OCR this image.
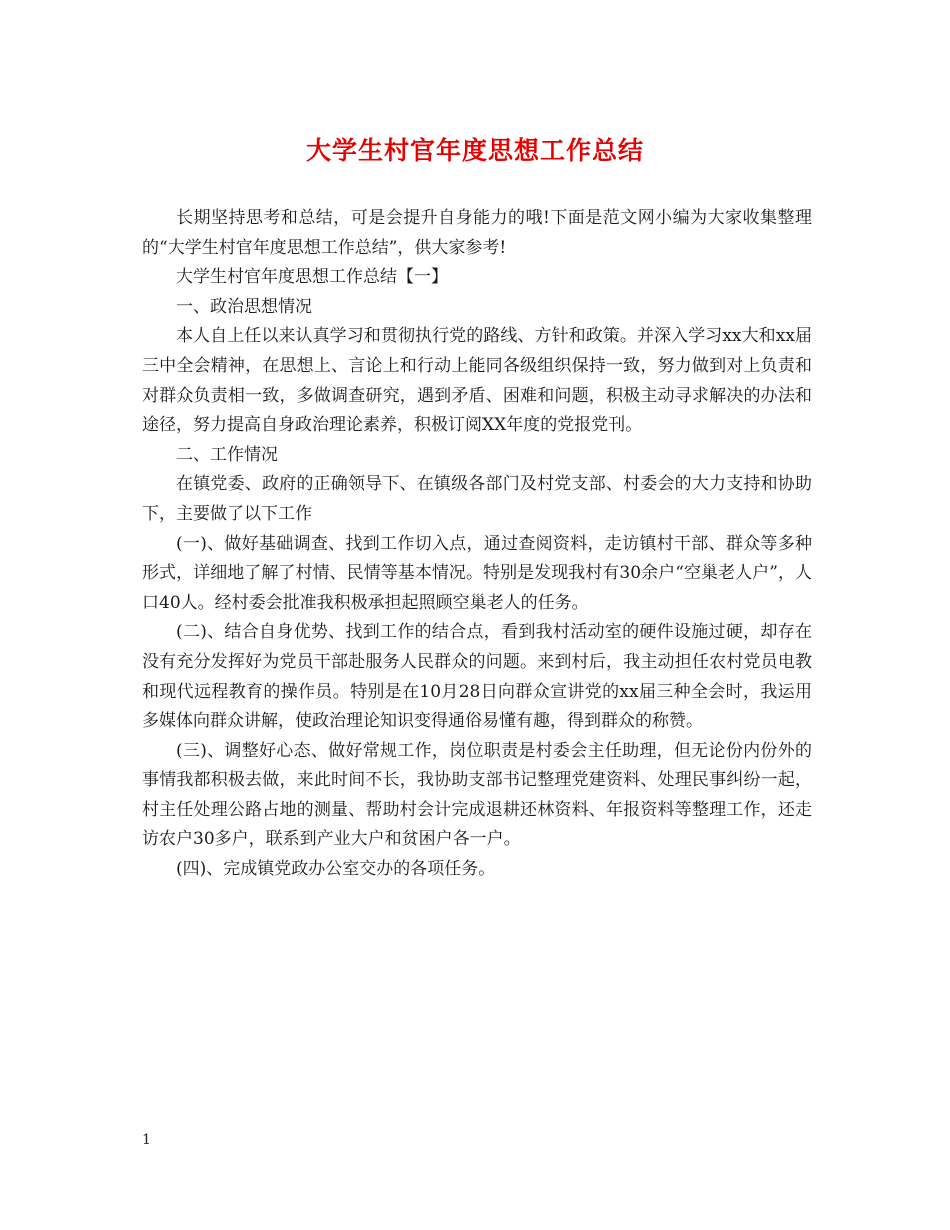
大学生村官年度思想工作总结

长期坚持思考和总结，可是会提升自身能力的哦!下面是范文网小编为大家收集整理的“大学生村官年度思想工作总结”，供大家参考!

大学生村官年度思想工作总结【一】

一、政治思想情况

本人自上任以来认真学习和贯彻执行党的路线、方针和政策。并深入学习xx大和xx届三中全会精神，在思想上、言论上和行动上能同各级组织保持一致，努力做到对上负责和对群众负责相一致，多做调查研究，遇到矛盾、困难和问题，积极主动寻求解决的办法和途径，努力提高自身政治理论素养，积极订阅XX年度的党报党刊。

二、工作情况

在镇党委、政府的正确领导下、在镇级各部门及村党支部、村委会的大力支持和协助下，主要做了以下工作

(一)、做好基础调查、找到工作切入点，通过查阅资料，走访镇村干部、群众等多种形式，详细地了解了村情、民情等基本情况。特别是发现我村有30余户“空巢老人户”，人口40人。经村委会批准我积极承担起照顾空巢老人的任务。

(二)、结合自身优势、找到工作的结合点，看到我村活动室的硬件设施过硬，却存在没有充分发挥好为党员干部赴服务人民群众的问题。来到村后，我主动担任农村党员电教和现代远程教育的操作员。特别是在10月28日向群众宣讲党的xx届三种全会时，我运用多媒体向群众讲解，使政治理论知识变得通俗易懂有趣，得到群众的称赞。

(三)、调整好心态、做好常规工作，岗位职责是村委会主任助理，但无论份内份外的事情我都积极去做，来此时间不长，我协助支部书记整理党建资料、处理民事纠纷一起，村主任处理公路占地的测量、帮助村会计完成退耕还林资料、年报资料等整理工作，还走访农户30多户，联系到产业大户和贫困户各一户。

(四)、完成镇党政办公室交办的各项任务。

1
